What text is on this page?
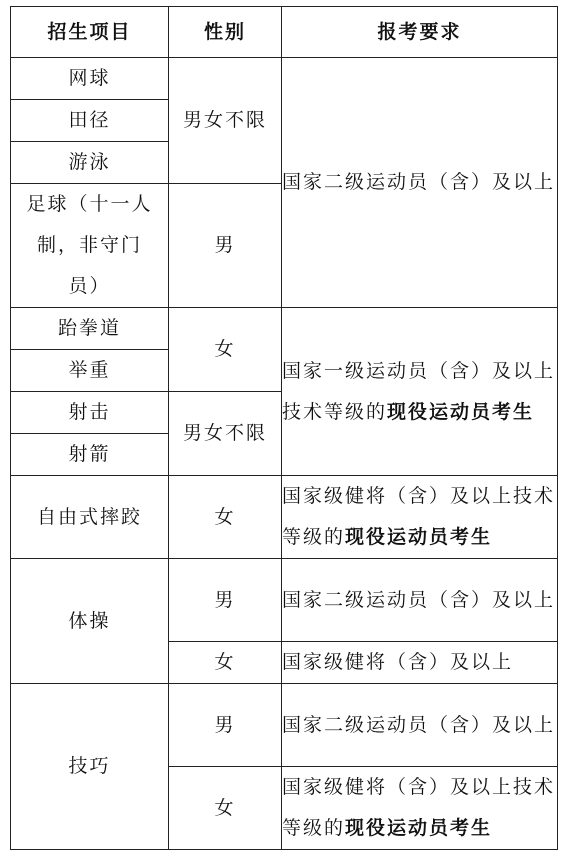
招生项目	性别	报考要求
网球	男女不限	国家二级运动员（含）及以上
田径		
游泳		
足球（十一人制，非守门员）	男	

跆拳道	女	国家一级运动员（含）及以上技术等级的现役运动员考生
举重		
射击	男女不限	
射箭		
自由式摔跤	女	国家级健将（含）及以上技术等级的现役运动员考生
体操	男	国家二级运动员（含）及以上
	女	国家级健将（含）及以上
技巧	男	国家二级运动员（含）及以上
	女	国家级健将（含）及以上技术等级的现役运动员考生
